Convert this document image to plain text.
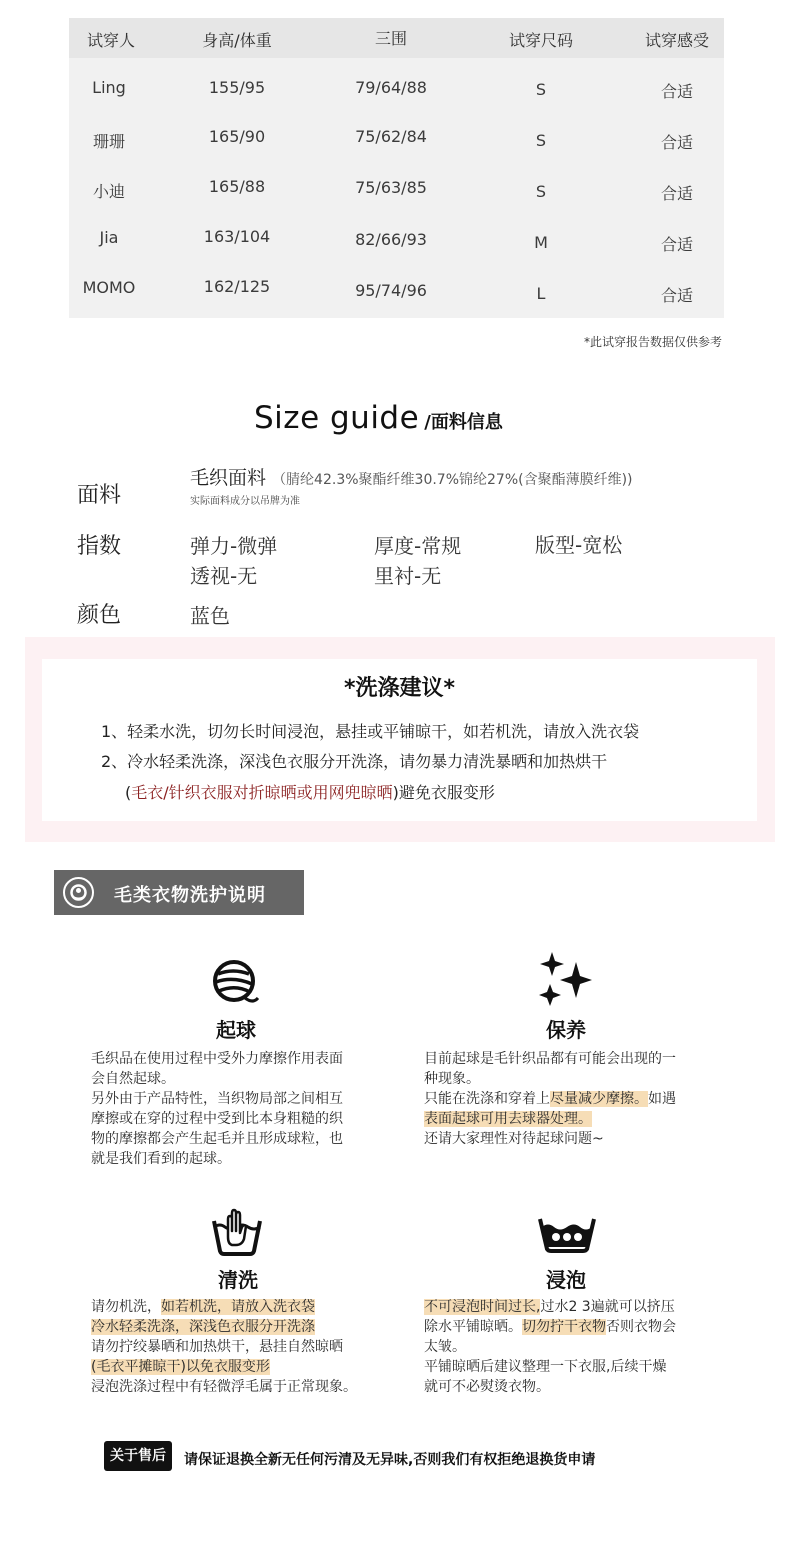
试穿人	身高/体重	三围	试穿尺码	试穿感受
Ling	155/95	79/64/88	S	合适
珊珊	165/90	75/62/84	S	合适
小迪	165/88	75/63/85	S	合适
Jia	163/104	82/66/93	M	合适
MOMO	162/125	95/74/96	L	合适
*此试穿报告数据仅供参考
Size guide /面料信息
面料
毛织面料 （腈纶42.3%聚酯纤维30.7%锦纶27%(含聚酯薄膜纤维))
实际面料成分以吊牌为准
指数	弹力-微弹	厚度-常规	版型-宽松
透视-无	里衬-无
颜色	蓝色
*洗涤建议*
1、轻柔水洗，切勿长时间浸泡，悬挂或平铺晾干，如若机洗，请放入洗衣袋
2、冷水轻柔洗涤，深浅色衣服分开洗涤，请勿暴力清洗暴晒和加热烘干
(毛衣/针织衣服对折晾晒或用网兜晾晒)避免衣服变形
毛类衣物洗护说明
起球
毛织品在使用过程中受外力摩擦作用表面
会自然起球。
另外由于产品特性，当织物局部之间相互
摩擦或在穿的过程中受到比本身粗糙的织
物的摩擦都会产生起毛并且形成球粒，也
就是我们看到的起球。
保养
目前起球是毛针织品都有可能会出现的一
种现象。
只能在洗涤和穿着上尽量减少摩擦。如遇
表面起球可用去球器处理。
还请大家理性对待起球问题~
清洗
请勿机洗，如若机洗，请放入洗衣袋
冷水轻柔洗涤，深浅色衣服分开洗涤
请勿拧绞暴晒和加热烘干，悬挂自然晾晒
(毛衣平摊晾干)以免衣服变形
浸泡洗涤过程中有轻微浮毛属于正常现象。
浸泡
不可浸泡时间过长,过水2 3遍就可以挤压
除水平铺晾晒。切勿拧干衣物否则衣物会
太皱。
平铺晾晒后建议整理一下衣服,后续干燥
就可不必熨烫衣物。
关于售后	请保证退换全新无任何污清及无异味,否则我们有权拒绝退换货申请
